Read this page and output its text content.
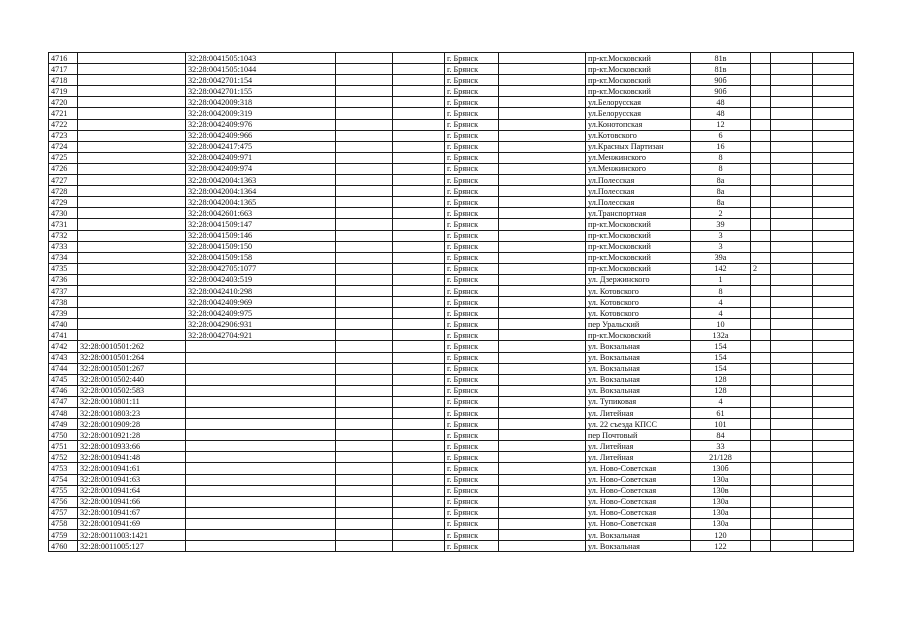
4716		32:28:0041505:1043			г. Брянск		пр-кт.Московский	81в			
4717		32:28:0041505:1044			г. Брянск		пр-кт.Московский	81в			
4718		32:28:0042701:154			г. Брянск		пр-кт.Московский	90б			
4719		32:28:0042701:155			г. Брянск		пр-кт.Московский	90б			
4720		32:28:0042009:318			г. Брянск		ул.Белорусская	48			
4721		32:28:0042009:319			г. Брянск		ул.Белорусская	48			
4722		32:28:0042409:976			г. Брянск		ул.Конотопская	12			
4723		32:28:0042409:966			г. Брянск		ул.Котовского	6			
4724		32:28:0042417:475			г. Брянск		ул.Красных Партизан	16			
4725		32:28:0042409:971			г. Брянск		ул.Менжинского	8			
4726		32:28:0042409:974			г. Брянск		ул.Менжинского	8			
4727		32:28:0042004:1363			г. Брянск		ул.Полесская	8а			
4728		32:28:0042004:1364			г. Брянск		ул.Полесская	8а			
4729		32:28:0042004:1365			г. Брянск		ул.Полесская	8а			
4730		32:28:0042601:663			г. Брянск		ул.Транспортная	2			
4731		32:28:0041509:147			г. Брянск		пр-кт.Московский	39			
4732		32:28:0041509:146			г. Брянск		пр-кт.Московский	3			
4733		32:28:0041509:150			г. Брянск		пр-кт.Московский	3			
4734		32:28:0041509:158			г. Брянск		пр-кт.Московский	39а			
4735		32:28:0042705:1077			г. Брянск		пр-кт.Московский	142	2		
4736		32:28:0042403:519			г. Брянск		ул. Дзержинского	1			
4737		32:28:0042410:298			г. Брянск		ул. Котовского	8			
4738		32:28:0042409:969			г. Брянск		ул. Котовского	4			
4739		32:28:0042409:975			г. Брянск		ул. Котовского	4			
4740		32:28:0042906:931			г. Брянск		пер Уральский	10			
4741		32:28:0042704:921			г. Брянск		пр-кт.Московский	132а			
4742	32:28:0010501:262				г. Брянск		ул. Вокзальная	154			
4743	32:28:0010501:264				г. Брянск		ул. Вокзальная	154			
4744	32:28:0010501:267				г. Брянск		ул. Вокзальная	154			
4745	32:28:0010502:440				г. Брянск		ул. Вокзальная	128			
4746	32:28:0010502:583				г. Брянск		ул. Вокзальная	128			
4747	32:28:0010801:11				г. Брянск		ул. Тупиковая	4			
4748	32:28:0010803:23				г. Брянск		ул. Литейная	61			
4749	32:28:0010909:28				г. Брянск		ул. 22 съезда КПСС	101			
4750	32:28:0010921:28				г. Брянск		пер Почтовый	84			
4751	32:28:0010933:66				г. Брянск		ул. Литейная	33			
4752	32:28:0010941:48				г. Брянск		ул. Литейная	21/128			
4753	32:28:0010941:61				г. Брянск		ул. Ново-Советская	130б			
4754	32:28:0010941:63				г. Брянск		ул. Ново-Советская	130а			
4755	32:28:0010941:64				г. Брянск		ул. Ново-Советская	130в			
4756	32:28:0010941:66				г. Брянск		ул. Ново-Советская	130а			
4757	32:28:0010941:67				г. Брянск		ул. Ново-Советская	130а			
4758	32:28:0010941:69				г. Брянск		ул. Ново-Советская	130а			
4759	32:28:0011003:1421				г. Брянск		ул. Вокзальная	120			
4760	32:28:0011005:127				г. Брянск		ул. Вокзальная	122			
